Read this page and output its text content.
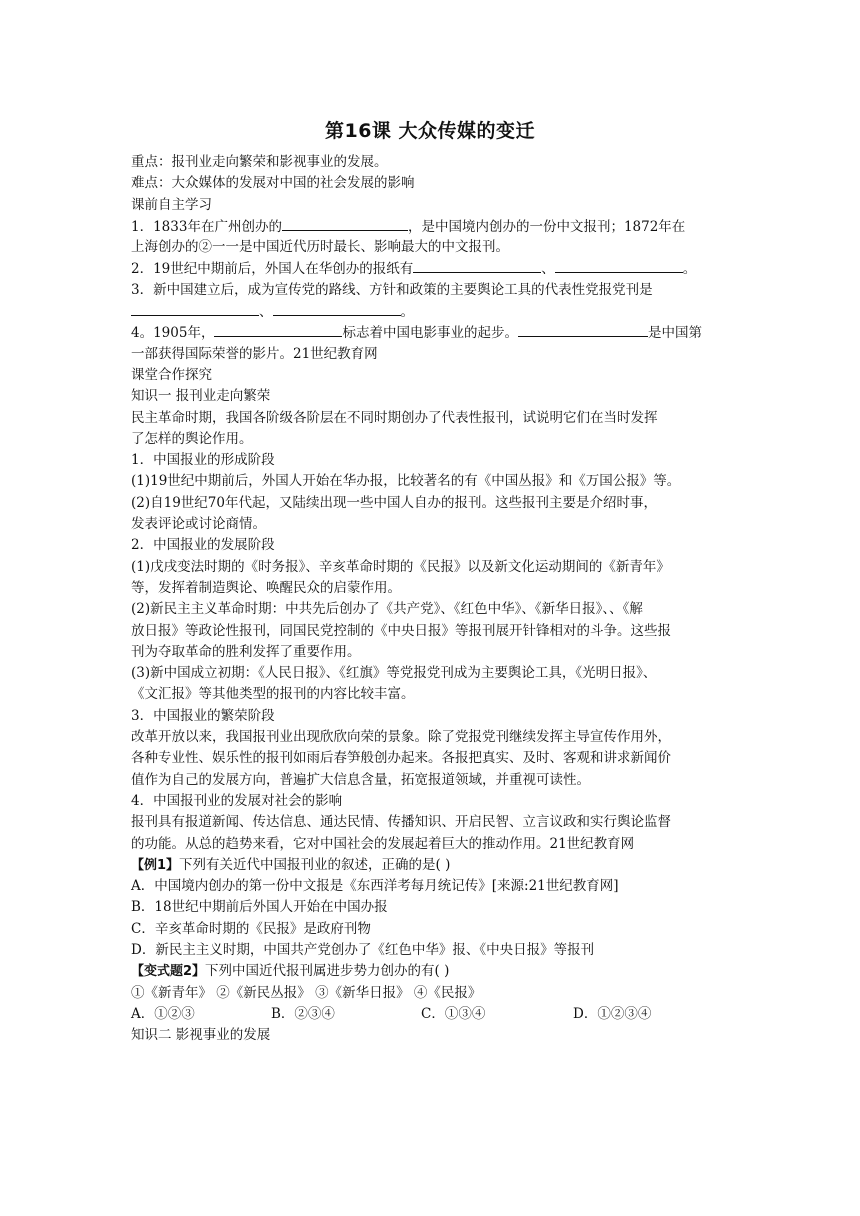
第16课 大众传媒的变迁
重点：报刊业走向繁荣和影视事业的发展。
难点：大众媒体的发展对中国的社会发展的影响
课前自主学习
1．1833年在广州创办的	，是中国境内创办的一份中文报刊；1872年在
上海创办的②一一是中国近代历时最长、影响最大的中文报刊。
2．19世纪中期前后，外国人在华创办的报纸有	、	。
3．新中国建立后，成为宣传党的路线、方针和政策的主要舆论工具的代表性党报党刊是
、	。
4。1905年，	标志着中国电影事业的起步。	是中国第
一部获得国际荣誉的影片。21世纪教育网
课堂合作探究
知识一 报刊业走向繁荣
民主革命时期，我国各阶级各阶层在不同时期创办了代表性报刊，试说明它们在当时发挥
了怎样的舆论作用。
1．中国报业的形成阶段
(1)19世纪中期前后，外国人开始在华办报，比较著名的有《中国丛报》和《万国公报》等。
(2)自19世纪70年代起，又陆续出现一些中国人自办的报刊。这些报刊主要是介绍时事，
发表评论或讨论商情。
2．中国报业的发展阶段
(1)戊戌变法时期的《时务报》、辛亥革命时期的《民报》以及新文化运动期间的《新青年》
等，发挥着制造舆论、唤醒民众的启蒙作用。
(2)新民主主义革命时期：中共先后创办了《共产党》、《红色中华》、《新华日报》、、《解
放日报》等政论性报刊，同国民党控制的《中央日报》等报刊展开针锋相对的斗争。这些报
刊为夺取革命的胜利发挥了重要作用。
(3)新中国成立初期：《人民日报》、《红旗》等党报党刊成为主要舆论工具，《光明日报》、
《文汇报》等其他类型的报刊的内容比较丰富。
3．中国报业的繁荣阶段
改革开放以来，我国报刊业出现欣欣向荣的景象。除了党报党刊继续发挥主导宣传作用外，
各种专业性、娱乐性的报刊如雨后春笋般创办起来。各报把真实、及时、客观和讲求新闻价
值作为自己的发展方向，普遍扩大信息含量，拓宽报道领域，并重视可读性。
4．中国报刊业的发展对社会的影响
报刊具有报道新闻、传达信息、通达民情、传播知识、开启民智、立言议政和实行舆论监督
的功能。从总的趋势来看，它对中国社会的发展起着巨大的推动作用。21世纪教育网
【例1】下列有关近代中国报刊业的叙述，正确的是( )
A．中国境内创办的第一份中文报是《东西洋考每月统记传》[来源:21世纪教育网]
B．18世纪中期前后外国人开始在中国办报
C．辛亥革命时期的《民报》是政府刊物
D．新民主主义时期，中国共产党创办了《红色中华》报、《中央日报》等报刊
【变式题2】下列中国近代报刊属进步势力创办的有( )
①《新青年》 ②《新民丛报》 ③《新华日报》 ④《民报》
A．①②③	B．②③④	C．①③④	D．①②③④
知识二 影视事业的发展
